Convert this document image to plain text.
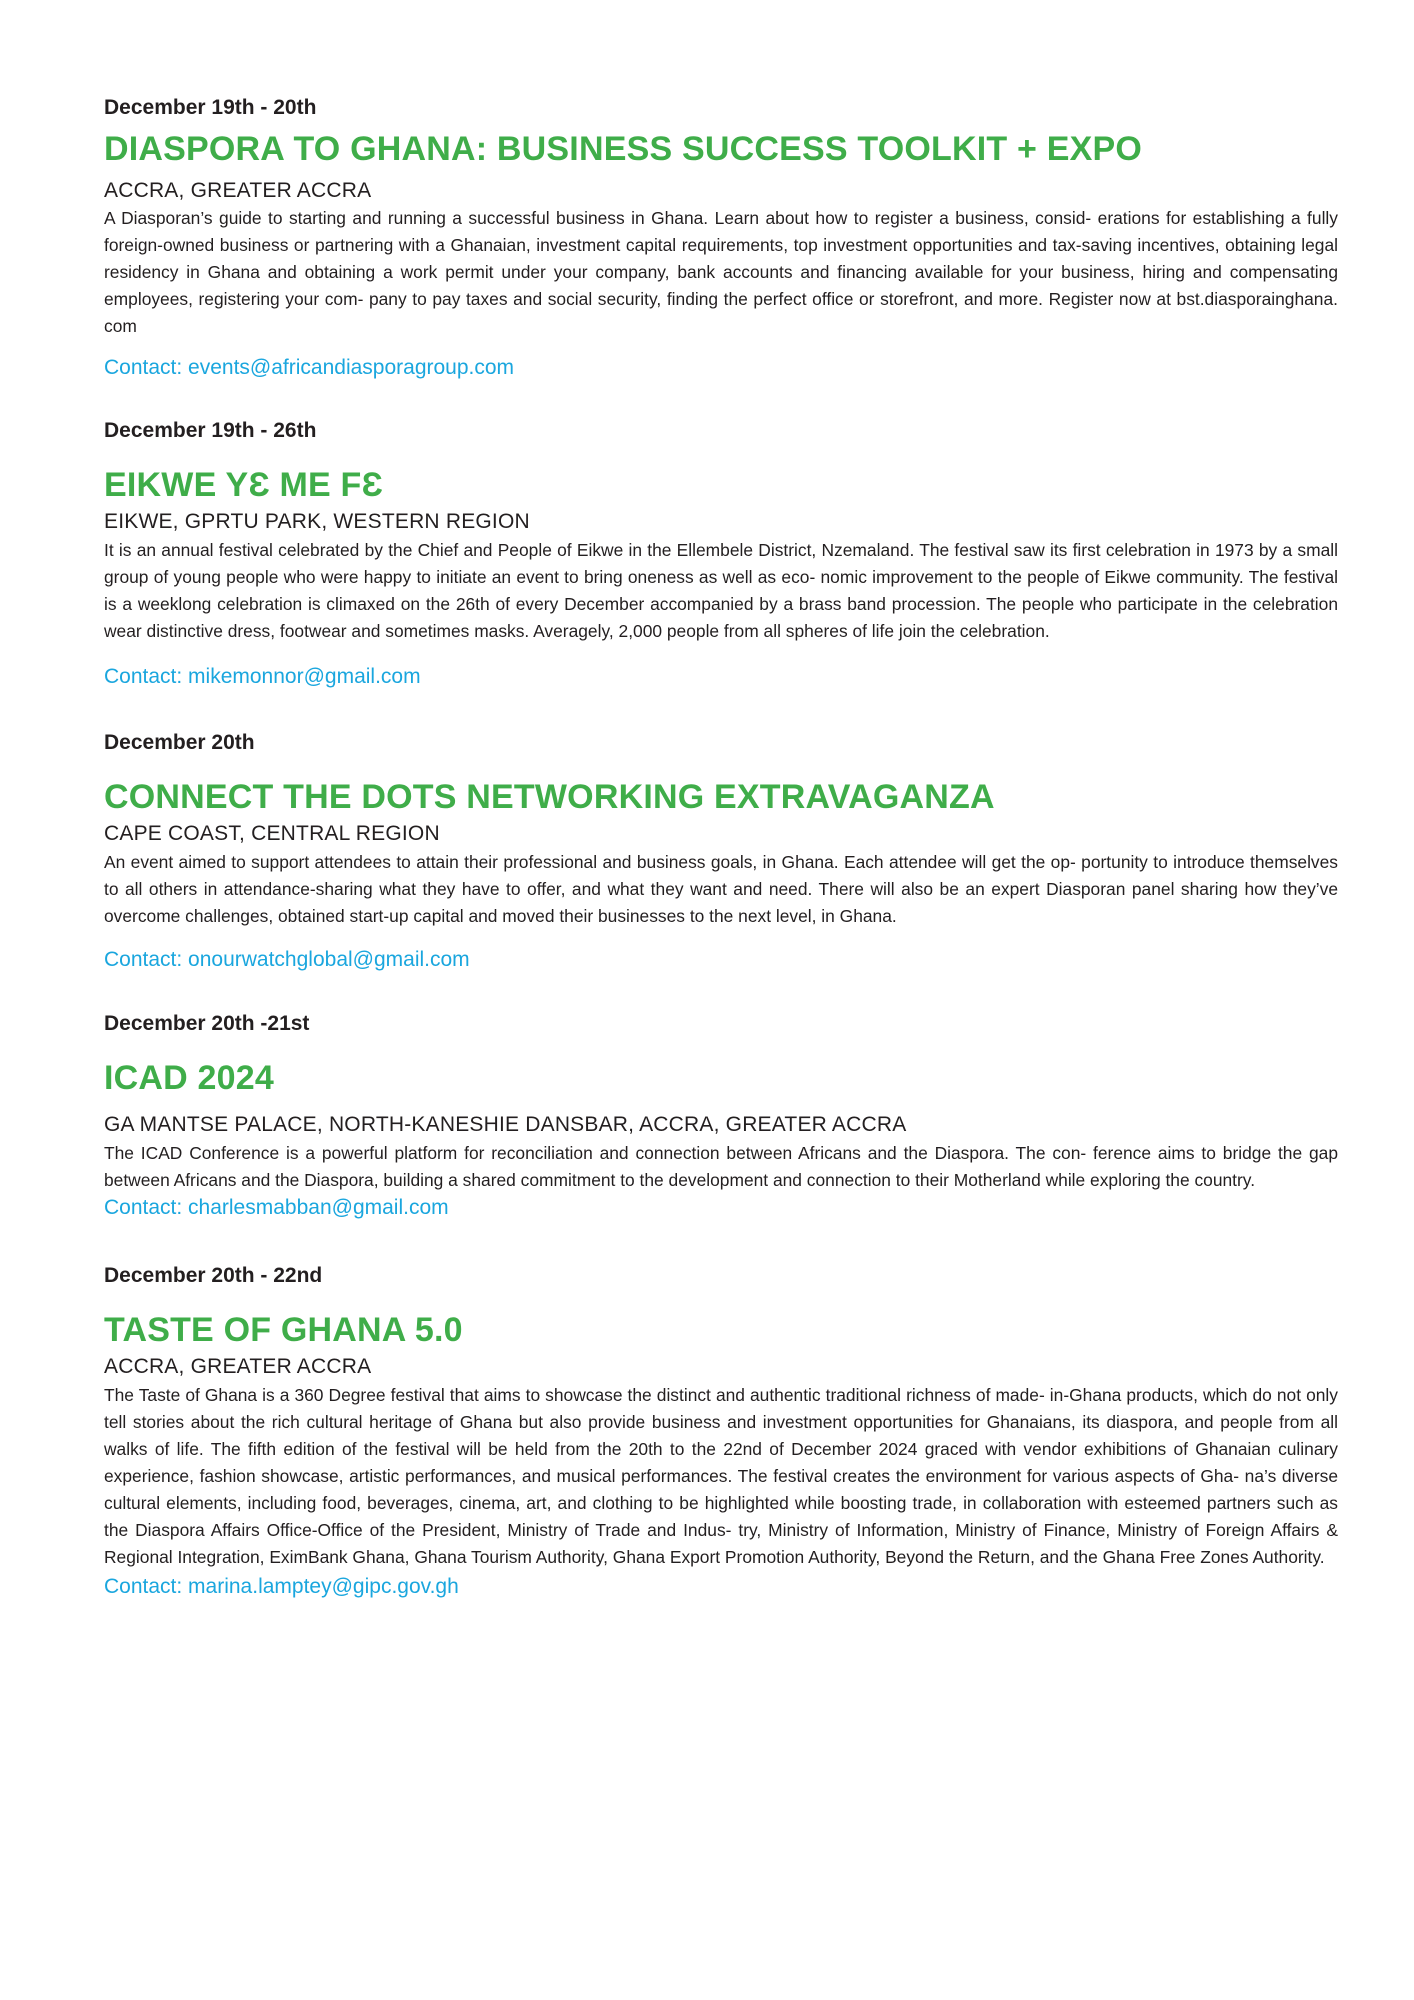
December 19th - 20th

DIASPORA TO GHANA: BUSINESS SUCCESS TOOLKIT + EXPO

ACCRA, GREATER ACCRA

A Diasporan’s guide to starting and running a successful business in Ghana. Learn about how to register a business, consid- erations for establishing a fully foreign-owned business or partnering with a Ghanaian, investment capital requirements, top investment opportunities and tax-saving incentives, obtaining legal residency in Ghana and obtaining a work permit under your company, bank accounts and financing available for your business, hiring and compensating employees, registering your com- pany to pay taxes and social security, finding the perfect office or storefront, and more. Register now at bst.diasporainghana. com

Contact: events@africandiasporagroup.com

December 19th - 26th

EIKWE YƐ ME FƐ

EIKWE, GPRTU PARK, WESTERN REGION

It is an annual festival celebrated by the Chief and People of Eikwe in the Ellembele District, Nzemaland. The festival saw its first celebration in 1973 by a small group of young people who were happy to initiate an event to bring oneness as well as eco- nomic improvement to the people of Eikwe community. The festival is a weeklong celebration is climaxed on the 26th of every December accompanied by a brass band procession. The people who participate in the celebration wear distinctive dress, footwear and sometimes masks. Averagely, 2,000 people from all spheres of life join the celebration.

Contact: mikemonnor@gmail.com

December 20th

CONNECT THE DOTS NETWORKING EXTRAVAGANZA

CAPE COAST, CENTRAL REGION

An event aimed to support attendees to attain their professional and business goals, in Ghana. Each attendee will get the op- portunity to introduce themselves to all others in attendance-sharing what they have to offer, and what they want and need. There will also be an expert Diasporan panel sharing how they’ve overcome challenges, obtained start-up capital and moved their businesses to the next level, in Ghana.

Contact: onourwatchglobal@gmail.com

December 20th -21st

ICAD 2024

GA MANTSE PALACE, NORTH-KANESHIE DANSBAR, ACCRA, GREATER ACCRA

The ICAD Conference is a powerful platform for reconciliation and connection between Africans and the Diaspora. The con- ference aims to bridge the gap between Africans and the Diaspora, building a shared commitment to the development and connection to their Motherland while exploring the country.

Contact: charlesmabban@gmail.com

December 20th - 22nd

TASTE OF GHANA 5.0

ACCRA, GREATER ACCRA

The Taste of Ghana is a 360 Degree festival that aims to showcase the distinct and authentic traditional richness of made- in-Ghana products, which do not only tell stories about the rich cultural heritage of Ghana but also provide business and investment opportunities for Ghanaians, its diaspora, and people from all walks of life. The fifth edition of the festival will be held from the 20th to the 22nd of December 2024 graced with vendor exhibitions of Ghanaian culinary experience, fashion showcase, artistic performances, and musical performances. The festival creates the environment for various aspects of Gha- na’s diverse cultural elements, including food, beverages, cinema, art, and clothing to be highlighted while boosting trade, in collaboration with esteemed partners such as the Diaspora Affairs Office-Office of the President, Ministry of Trade and Indus- try, Ministry of Information, Ministry of Finance, Ministry of Foreign Affairs & Regional Integration, EximBank Ghana, Ghana Tourism Authority, Ghana Export Promotion Authority, Beyond the Return, and the Ghana Free Zones Authority.

Contact: marina.lamptey@gipc.gov.gh
